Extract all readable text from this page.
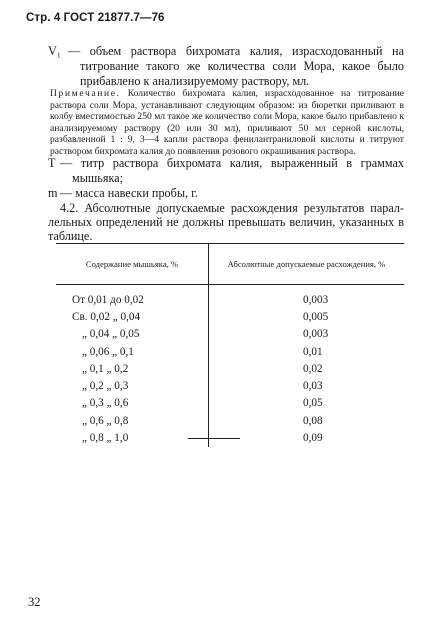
Стр. 4 ГОСТ 21877.7—76
V₁ — объем раствора бихромата калия, израсходованный на
титрование такого же количества соли Мора, какое было
прибавлено к анализируемому раствору, мл.
Примечание. Количество бихромата калия, израсходованное на титрование раствора соли Мора, устанавливают следующим образом: из бюретки приливают в колбу вместимостью 250 мл такое же количество соли Мора, какое было прибавлено к анализируемому раствору (20 или 30 мл), приливают 50 мл серной кислоты, разбавленной 1 : 9, 3—4 капли раствора фенилантраниловой кислоты и титруют раствором бихромата калия до появления розового окрашивания раствора.
T — титр раствора бихромата калия, выраженный в граммах
мышьяка;
m — масса навески пробы, г.
4.2. Абсолютные допускаемые расхождения результатов парал-
лельных определений не должны превышать величин, указанных в
таблице.
Содержание мышьяка, %	Абсолютные допускаемые расхождения, %
От 0,01 до 0,02	0,003
Св. 0,02 „ 0,04	0,005
„ 0,04 „ 0,05	0,003
„ 0,06 „ 0,1	0,01
„ 0,1 „ 0,2	0,02
„ 0,2 „ 0,3	0,03
„ 0,3 „ 0,6	0,05
„ 0,6 „ 0,8	0,08
„ 0,8 „ 1,0	0,09
32
